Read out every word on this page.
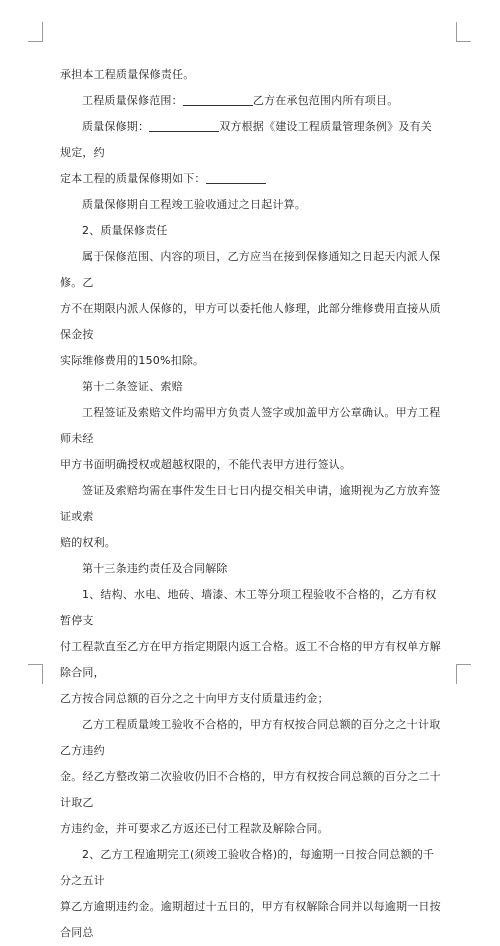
承担本工程质量保修责任。

工程质量保修范围：	乙方在承包范围内所有项目。

质量保修期：	双方根据《建设工程质量管理条例》及有关规定，约

定本工程的质量保修期如下：

质量保修期自工程竣工验收通过之日起计算。

2、质量保修责任

属于保修范围、内容的项目，乙方应当在接到保修通知之日起天内派人保修。乙

方不在期限内派人保修的，甲方可以委托他人修理，此部分维修费用直接从质保金按

实际维修费用的150%扣除。

第十二条签证、索赔

工程签证及索赔文件均需甲方负责人签字或加盖甲方公章确认。甲方工程师未经

甲方书面明确授权或超越权限的，不能代表甲方进行签认。

签证及索赔均需在事件发生日七日内提交相关申请，逾期视为乙方放弃签证或索

赔的权利。

第十三条违约责任及合同解除

1、结构、水电、地砖、墙漆、木工等分项工程验收不合格的，乙方有权暂停支

付工程款直至乙方在甲方指定期限内返工合格。返工不合格的甲方有权单方解除合同，

乙方按合同总额的百分之之十向甲方支付质量违约金；

乙方工程质量竣工验收不合格的，甲方有权按合同总额的百分之之十计取乙方违约

金。经乙方整改第二次验收仍旧不合格的，甲方有权按合同总额的百分之二十计取乙

方违约金，并可要求乙方返还已付工程款及解除合同。

2、乙方工程逾期完工(须竣工验收合格)的，每逾期一日按合同总额的千分之五计

算乙方逾期违约金。逾期超过十五日的，甲方有权解除合同并以每逾期一日按合同总
